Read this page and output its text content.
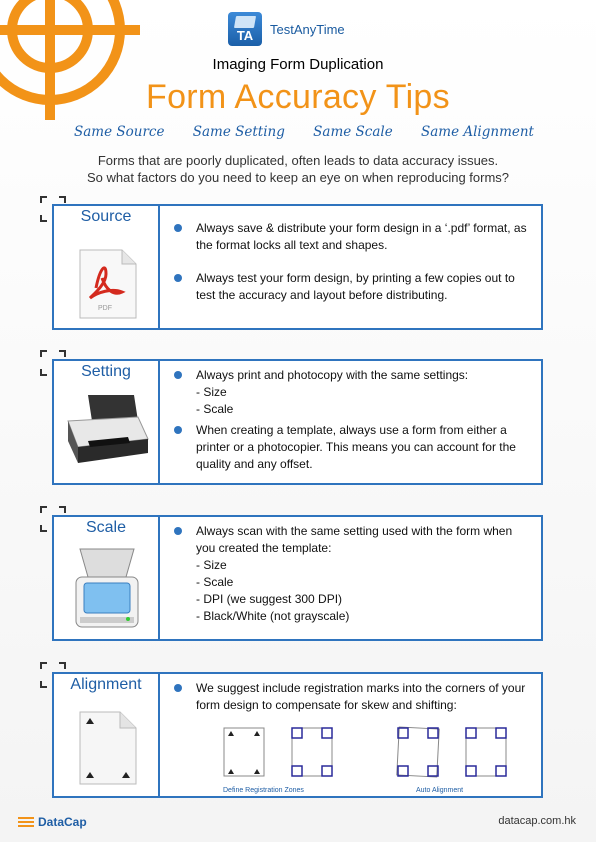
TA TestAnyTime
Imaging Form Duplication
Form Accuracy Tips
Same Source Same Setting Same Scale Same Alignment
Forms that are poorly duplicated, often leads to data accuracy issues.
So what factors do you need to keep an eye on when reproducing forms?
Source
PDF
Always save & distribute your form design in a ‘.pdf’ format, as the format locks all text and shapes.
Always test your form design, by printing a few copies out to test the accuracy and layout before distributing.
Setting	Always print and photocopy with the same settings:
- Size
- Scale
When creating a template, always use a form from either a printer or a photocopier. This means you can account for the quality and any offset.
Scale	Always scan with the same setting used with the form when you created the template:
- Size
- Scale
- DPI (we suggest 300 DPI)
- Black/White (not grayscale)
Alignment	We suggest include registration marks into the corners of your form design to compensate for skew and shifting:
Define Registration Zones	Auto Alignment
DataCap	datacap.com.hk
